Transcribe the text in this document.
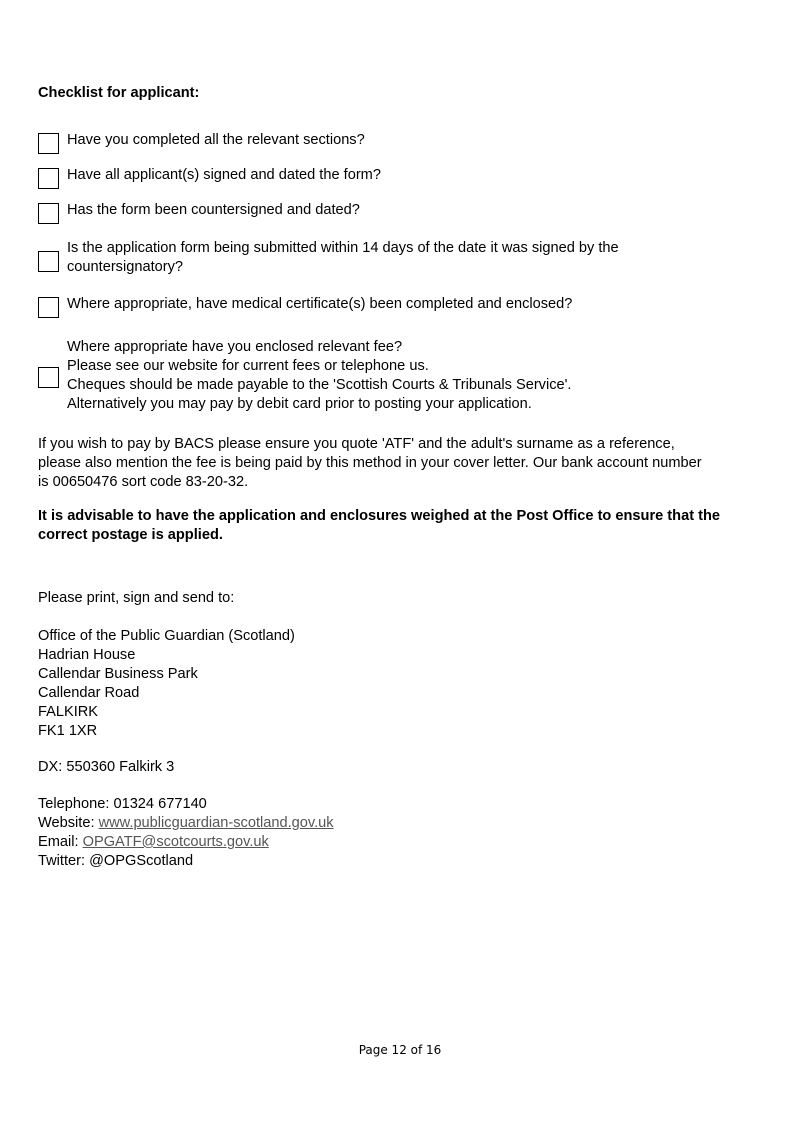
Checklist for applicant:
Have you completed all the relevant sections?
Have all applicant(s) signed and dated the form?
Has the form been countersigned and dated?
Is the application form being submitted within 14 days of the date it was signed by the
countersignatory?
Where appropriate, have medical certificate(s) been completed and enclosed?
Where appropriate have you enclosed relevant fee?
Please see our website for current fees or telephone us.
Cheques should be made payable to the 'Scottish Courts & Tribunals Service'.
Alternatively you may pay by debit card prior to posting your application.
If you wish to pay by BACS please ensure you quote 'ATF' and the adult's surname as a reference,
please also mention the fee is being paid by this method in your cover letter. Our bank account number
is 00650476 sort code 83-20-32.
It is advisable to have the application and enclosures weighed at the Post Office to ensure that the
correct postage is applied.
Please print, sign and send to:
Office of the Public Guardian (Scotland)
Hadrian House
Callendar Business Park
Callendar Road
FALKIRK
FK1 1XR
DX: 550360 Falkirk 3
Telephone: 01324 677140
Website: www.publicguardian-scotland.gov.uk
Email: OPGATF@scotcourts.gov.uk
Twitter: @OPGScotland
Page 12 of 16
